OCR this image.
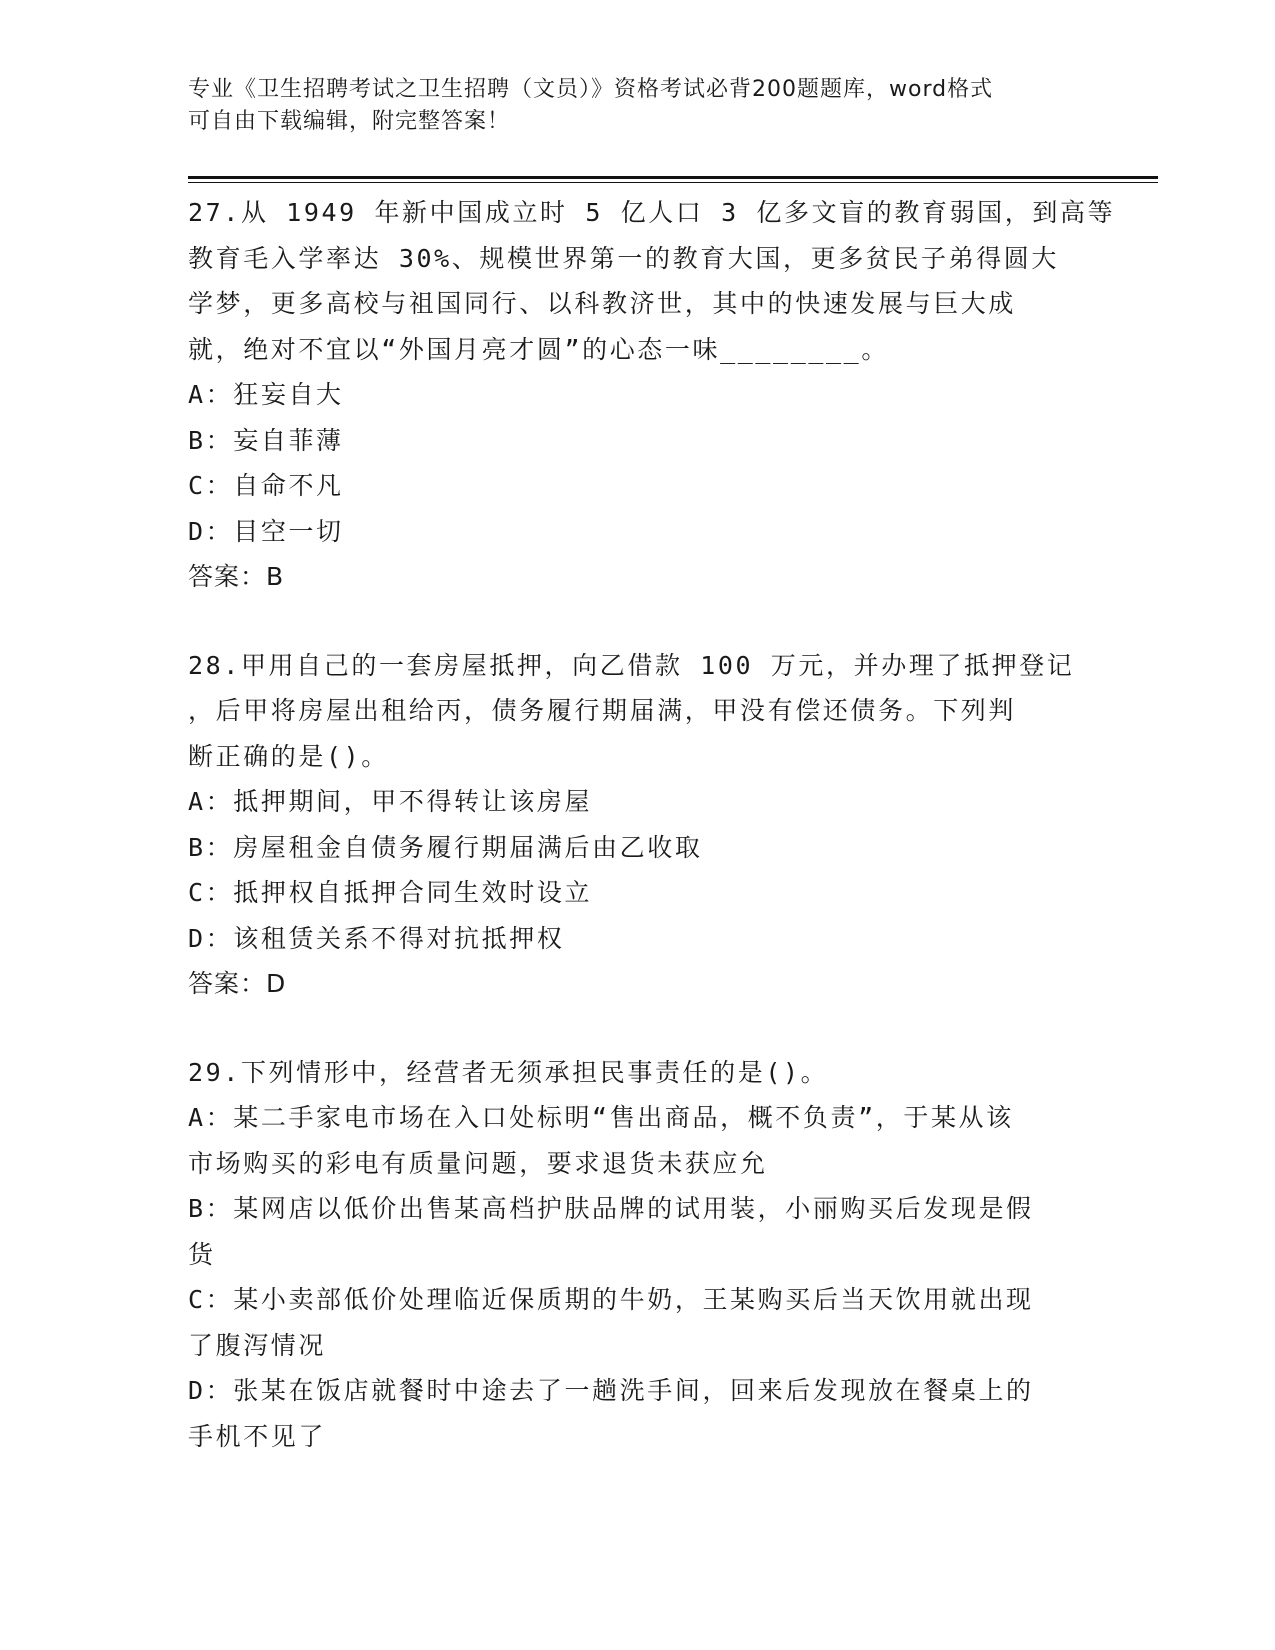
专业《卫生招聘考试之卫生招聘（文员）》资格考试必背200题题库，word格式
可自由下载编辑，附完整答案！
27.从 1949 年新中国成立时 5 亿人口 3 亿多文盲的教育弱国，到高等
教育毛入学率达 30%、规模世界第一的教育大国，更多贫民子弟得圆大
学梦，更多高校与祖国同行、以科教济世，其中的快速发展与巨大成
就，绝对不宜以“外国月亮才圆”的心态一味________。
A：狂妄自大
B：妄自菲薄
C：自命不凡
D：目空一切
答案：B
28.甲用自己的一套房屋抵押，向乙借款 100 万元，并办理了抵押登记
，后甲将房屋出租给丙，债务履行期届满，甲没有偿还债务。下列判
断正确的是()。
A：抵押期间，甲不得转让该房屋
B：房屋租金自债务履行期届满后由乙收取
C：抵押权自抵押合同生效时设立
D：该租赁关系不得对抗抵押权
答案：D
29.下列情形中，经营者无须承担民事责任的是()。
A：某二手家电市场在入口处标明“售出商品，概不负责”，于某从该
市场购买的彩电有质量问题，要求退货未获应允
B：某网店以低价出售某高档护肤品牌的试用装，小丽购买后发现是假
货
C：某小卖部低价处理临近保质期的牛奶，王某购买后当天饮用就出现
了腹泻情况
D：张某在饭店就餐时中途去了一趟洗手间，回来后发现放在餐桌上的
手机不见了
